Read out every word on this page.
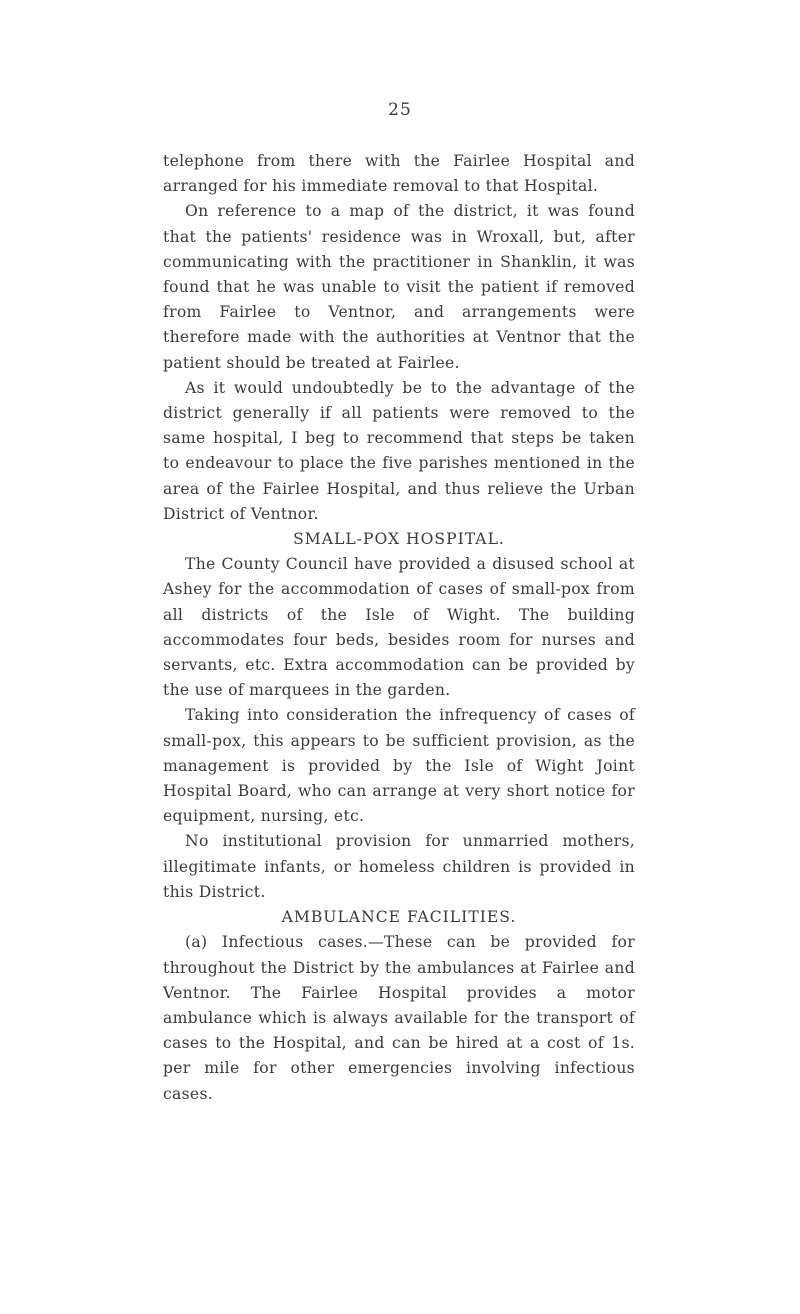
25

telephone from there with the Fairlee Hospital and arranged for his immediate removal to that Hospital.

On reference to a map of the district, it was found that the patients' residence was in Wroxall, but, after communicating with the practitioner in Shanklin, it was found that he was unable to visit the patient if removed from Fairlee to Ventnor, and arrangements were therefore made with the authorities at Ventnor that the patient should be treated at Fairlee.

As it would undoubtedly be to the advantage of the district generally if all patients were removed to the same hospital, I beg to recommend that steps be taken to endeavour to place the five parishes mentioned in the area of the Fairlee Hospital, and thus relieve the Urban District of Ventnor.

SMALL-POX HOSPITAL.

The County Council have provided a disused school at Ashey for the accommodation of cases of small-pox from all districts of the Isle of Wight. The building accommodates four beds, besides room for nurses and servants, etc. Extra accommodation can be provided by the use of marquees in the garden.

Taking into consideration the infrequency of cases of small-pox, this appears to be sufficient provision, as the management is provided by the Isle of Wight Joint Hospital Board, who can arrange at very short notice for equipment, nursing, etc.

No institutional provision for unmarried mothers, illegitimate infants, or homeless children is provided in this District.

AMBULANCE FACILITIES.

(a) Infectious cases.—These can be provided for throughout the District by the ambulances at Fairlee and Ventnor. The Fairlee Hospital provides a motor ambulance which is always available for the transport of cases to the Hospital, and can be hired at a cost of 1s. per mile for other emergencies involving infectious cases.
